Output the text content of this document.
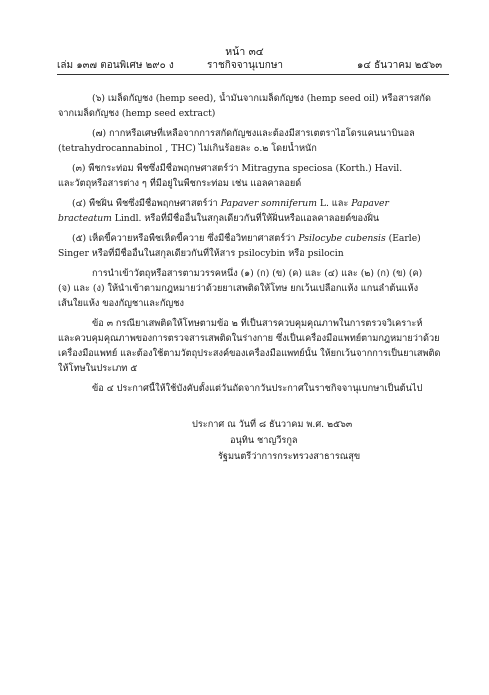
หน้า ๓๔
เล่ม ๑๓๗ ตอนพิเศษ ๒๙๐ ง	ราชกิจจานุเบกษา	๑๔ ธันวาคม ๒๕๖๓
(๖) เมล็ดกัญชง (hemp seed), น้ำมันจากเมล็ดกัญชง (hemp seed oil) หรือสารสกัด
จากเมล็ดกัญชง (hemp seed extract)
(๗) กากหรือเศษที่เหลือจากการสกัดกัญชงและต้องมีสารเตตราไฮโดรแคนนาบินอล
(tetrahydrocannabinol , THC) ไม่เกินร้อยละ ๐.๒ โดยน้ำหนัก
(๓) พืชกระท่อม พืชซึ่งมีชื่อพฤกษศาสตร์ว่า Mitragyna speciosa (Korth.) Havil.
และวัตถุหรือสารต่าง ๆ ที่มีอยู่ในพืชกระท่อม เช่น แอลคาลอยด์
(๔) พืชฝิ่น พืชซึ่งมีชื่อพฤกษศาสตร์ว่า Papaver somniferum L. และ Papaver
bracteatum Lindl. หรือที่มีชื่ออื่นในสกุลเดียวกันที่ให้ฝิ่นหรือแอลคาลอยด์ของฝิ่น
(๕) เห็ดขี้ควายหรือพืชเห็ดขี้ควาย ซึ่งมีชื่อวิทยาศาสตร์ว่า Psilocybe cubensis (Earle)
Singer หรือที่มีชื่ออื่นในสกุลเดียวกันที่ให้สาร psilocybin หรือ psilocin
การนำเข้าวัตถุหรือสารตามวรรคหนึ่ง (๑) (ก) (ข) (ค) และ (๔) และ (๒) (ก) (ข) (ค)
(จ) และ (ง) ให้นำเข้าตามกฎหมายว่าด้วยยาเสพติดให้โทษ ยกเว้นเปลือกแห้ง แกนลำต้นแห้ง
เส้นใยแห้ง ของกัญชาและกัญชง
ข้อ ๓ กรณียาเสพติดให้โทษตามข้อ ๒ ที่เป็นสารควบคุมคุณภาพในการตรวจวิเคราะห์
และควบคุมคุณภาพของการตรวจสารเสพติดในร่างกาย ซึ่งเป็นเครื่องมือแพทย์ตามกฎหมายว่าด้วย
เครื่องมือแพทย์ และต้องใช้ตามวัตถุประสงค์ของเครื่องมือแพทย์นั้น ให้ยกเว้นจากการเป็นยาเสพติด
ให้โทษในประเภท ๕
ข้อ ๔ ประกาศนี้ให้ใช้บังคับตั้งแต่วันถัดจากวันประกาศในราชกิจจานุเบกษาเป็นต้นไป
ประกาศ ณ วันที่ ๘ ธันวาคม พ.ศ. ๒๕๖๓
อนุทิน ชาญวีรกูล
รัฐมนตรีว่าการกระทรวงสาธารณสุข
